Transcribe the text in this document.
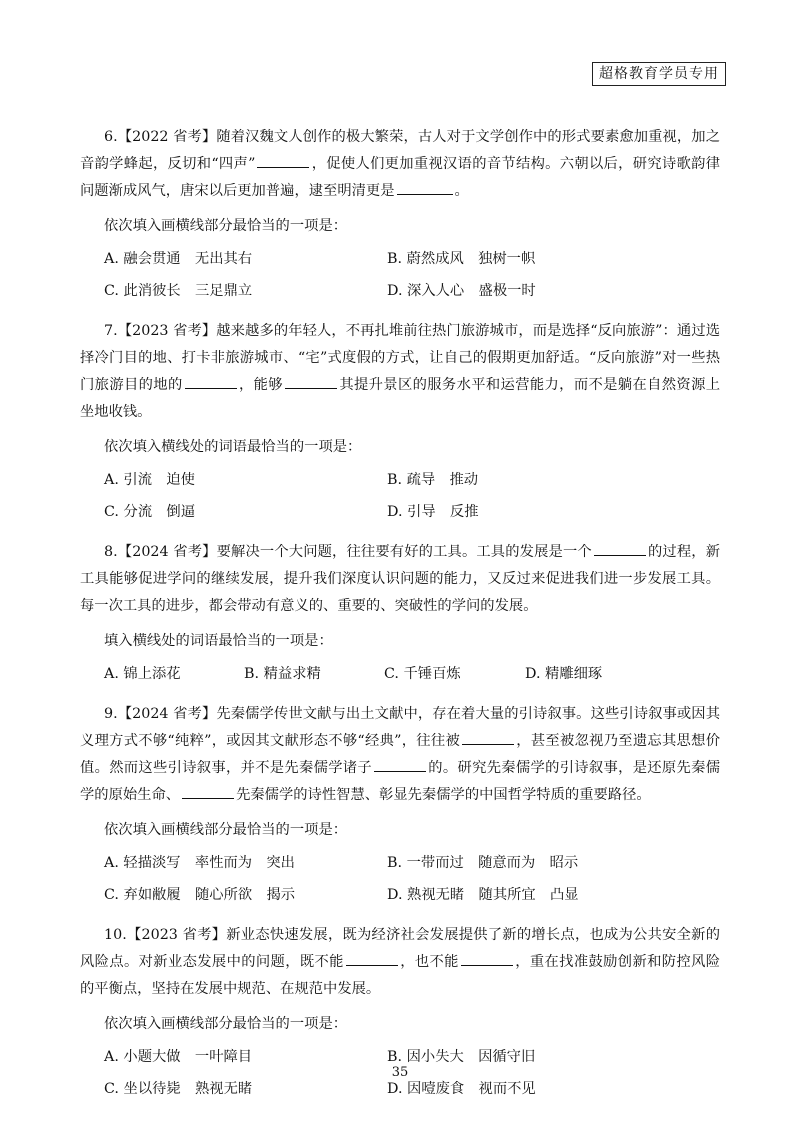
超格教育学员专用

6.【2022 省考】随着汉魏文人创作的极大繁荣，古人对于文学创作中的形式要素愈加重视，加之音韵学蜂起，反切和“四声”	，促使人们更加重视汉语的音节结构。六朝以后，研究诗歌韵律问题渐成风气，唐宋以后更加普遍，逮至明清更是	。

依次填入画横线部分最恰当的一项是：

A. 融会贯通　无出其右	B. 蔚然成风　独树一帜
C. 此消彼长　三足鼎立	D. 深入人心　盛极一时

7.【2023 省考】越来越多的年轻人，不再扎堆前往热门旅游城市，而是选择“反向旅游”：通过选择冷门目的地、打卡非旅游城市、“宅”式度假的方式，让自己的假期更加舒适。“反向旅游”对一些热门旅游目的地的	，能够	其提升景区的服务水平和运营能力，而不是躺在自然资源上坐地收钱。

依次填入横线处的词语最恰当的一项是：

A. 引流　迫使	B. 疏导　推动
C. 分流　倒逼	D. 引导　反推

8.【2024 省考】要解决一个大问题，往往要有好的工具。工具的发展是一个	的过程，新工具能够促进学问的继续发展，提升我们深度认识问题的能力，又反过来促进我们进一步发展工具。每一次工具的进步，都会带动有意义的、重要的、突破性的学问的发展。

填入横线处的词语最恰当的一项是：

A. 锦上添花	B. 精益求精	C. 千锤百炼	D. 精雕细琢

9.【2024 省考】先秦儒学传世文献与出土文献中，存在着大量的引诗叙事。这些引诗叙事或因其义理方式不够“纯粹”，或因其文献形态不够“经典”，往往被	，甚至被忽视乃至遗忘其思想价值。然而这些引诗叙事，并不是先秦儒学诸子	的。研究先秦儒学的引诗叙事，是还原先秦儒学的原始生命、	先秦儒学的诗性智慧、彰显先秦儒学的中国哲学特质的重要路径。

依次填入画横线部分最恰当的一项是：

A. 轻描淡写　率性而为　突出	B. 一带而过　随意而为　昭示
C. 弃如敝履　随心所欲　揭示	D. 熟视无睹　随其所宜　凸显

10.【2023 省考】新业态快速发展，既为经济社会发展提供了新的增长点，也成为公共安全新的风险点。对新业态发展中的问题，既不能	，也不能	，重在找准鼓励创新和防控风险的平衡点，坚持在发展中规范、在规范中发展。

依次填入画横线部分最恰当的一项是：

A. 小题大做　一叶障目	B. 因小失大　因循守旧
C. 坐以待毙　熟视无睹	D. 因噎废食　视而不见
35
